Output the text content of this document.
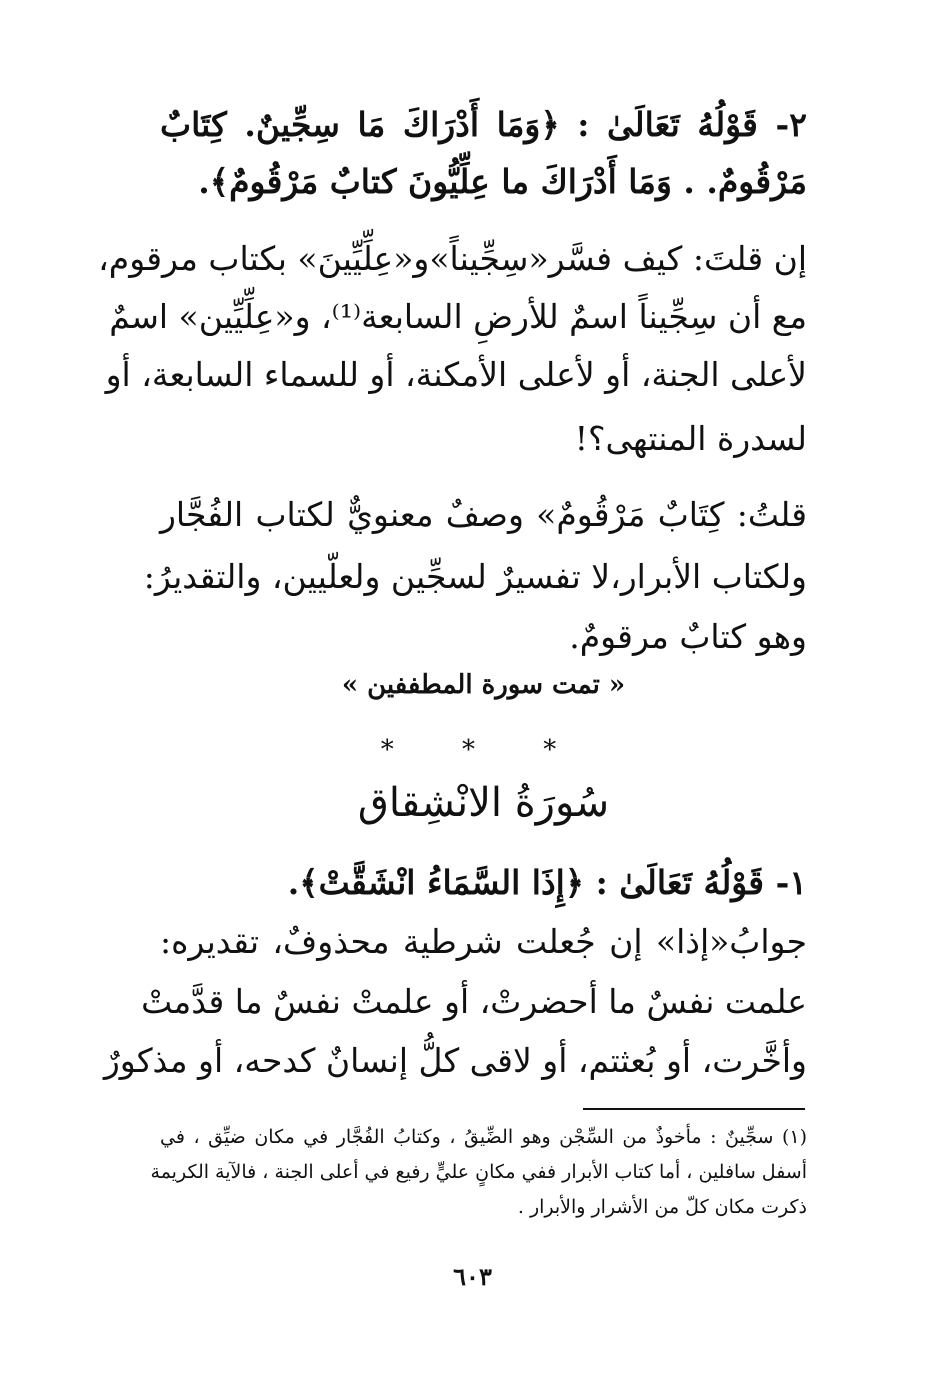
٢- قَوْلُهُ تَعَالَىٰ : ﴿وَمَا أَدْرَاكَ مَا سِجِّينٌ. كِتَابٌ
مَرْقُومٌ. . وَمَا أَدْرَاكَ ما عِلِّيُّونَ كتابٌ مَرْقُومٌ﴾.
إن قلتَ: كيف فسَّر«سِجِّيناً»و«عِلِّيِّينَ» بكتاب مرقوم،
مع أن سِجِّيناً اسمٌ للأرضِ السابعة⁽¹⁾، و«عِلِّيِّين» اسمٌ
لأعلى الجنة، أو لأعلى الأمكنة، أو للسماء السابعة، أو
لسدرة المنتهى؟!
قلتُ: كِتَابٌ مَرْقُومٌ» وصفٌ معنويٌّ لكتاب الفُجَّار
ولكتاب الأبرار،لا تفسيرٌ لسجِّين ولعلّيين، والتقديرُ:
وهو كتابٌ مرقومٌ.
« تمت سورة المطففين »
* * *
سُورَةُ الانْشِقاق
١- قَوْلُهُ تَعَالَىٰ : ﴿إِذَا السَّمَاءُ انْشَقَّتْ﴾.
جوابُ«إذا» إن جُعلت شرطية محذوفٌ، تقديره:
علمت نفسٌ ما أحضرتْ، أو علمتْ نفسٌ ما قدَّمتْ
وأخَّرت، أو بُعثتم، أو لاقى كلُّ إنسانٌ كدحه، أو مذكورٌ
(١) سجِّينٌ : مأخوذٌ من السِّجْن وهو الضِّيقُ ، وكتابُ الفُجَّار في مكان ضيِّق ، في
أسفل سافلين ، أما كتاب الأبرار ففي مكانٍ عليٍّ رفيع في أعلى الجنة ، فالآية الكريمة
ذكرت مكان كلّ من الأشرار والأبرار .
٦٠٣
